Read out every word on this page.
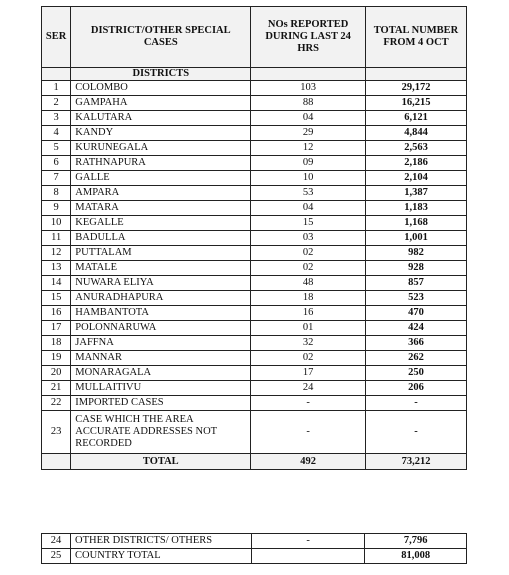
SER	DISTRICT/OTHER SPECIAL CASES	NOs REPORTED DURING LAST 24 HRS	TOTAL NUMBER FROM 4 OCT
	DISTRICTS		
1	COLOMBO	103	29,172
2	GAMPAHA	88	16,215
3	KALUTARA	04	6,121
4	KANDY	29	4,844
5	KURUNEGALA	12	2,563
6	RATHNAPURA	09	2,186
7	GALLE	10	2,104
8	AMPARA	53	1,387
9	MATARA	04	1,183
10	KEGALLE	15	1,168
11	BADULLA	03	1,001
12	PUTTALAM	02	982
13	MATALE	02	928
14	NUWARA ELIYA	48	857
15	ANURADHAPURA	18	523
16	HAMBANTOTA	16	470
17	POLONNARUWA	01	424
18	JAFFNA	32	366
19	MANNAR	02	262
20	MONARAGALA	17	250
21	MULLAITIVU	24	206
22	IMPORTED CASES	-	-
23	CASE WHICH THE AREA ACCURATE ADDRESSES NOT RECORDED	-	-
	TOTAL	492	73,212
24	OTHER DISTRICTS/ OTHERS	-	7,796
25	COUNTRY TOTAL		81,008
